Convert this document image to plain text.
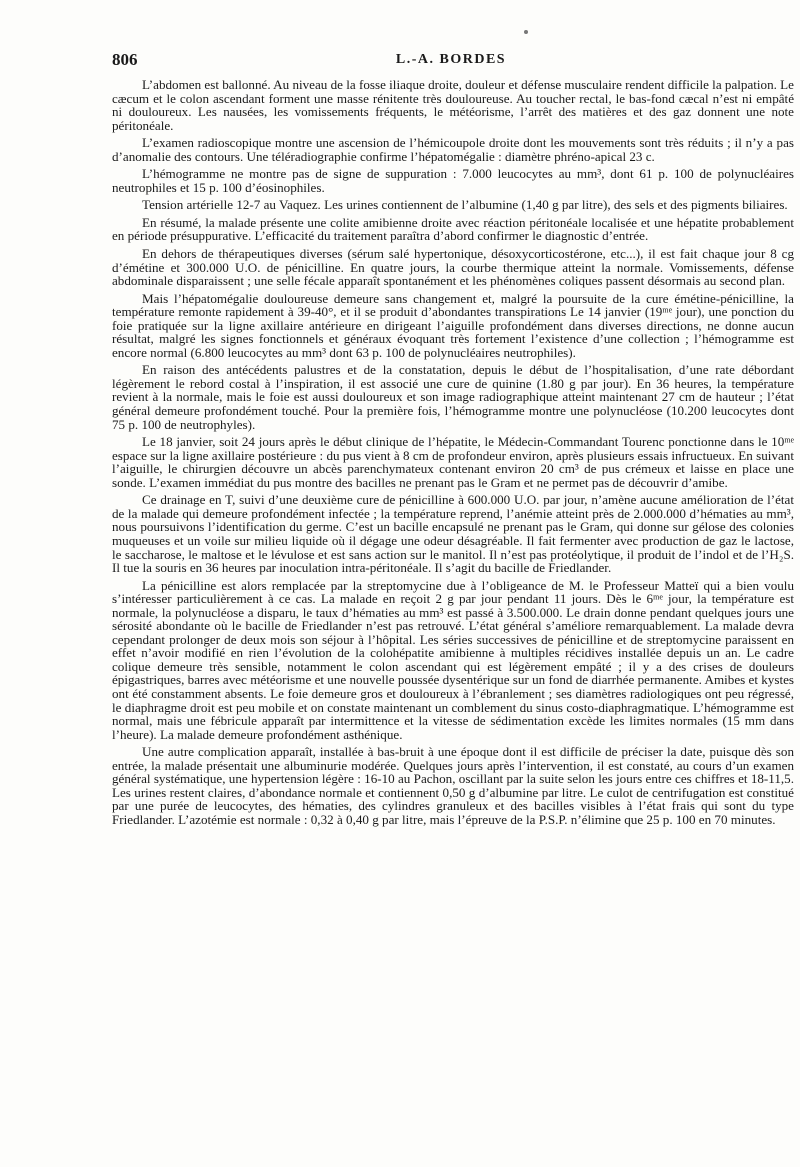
806	L.-A. BORDES

L’abdomen est ballonné. Au niveau de la fosse iliaque droite, douleur et défense musculaire rendent difficile la palpation. Le cæcum et le colon ascendant forment une masse rénitente très douloureuse. Au toucher rectal, le bas-fond cæcal n’est ni empâté ni douloureux. Les nausées, les vomissements fréquents, le météorisme, l’arrêt des matières et des gaz donnent une note péritonéale.

L’examen radioscopique montre une ascension de l’hémicoupole droite dont les mouvements sont très réduits ; il n’y a pas d’anomalie des contours. Une téléradiographie confirme l’hépatomégalie : diamètre phréno-apical 23 c.

L’hémogramme ne montre pas de signe de suppuration : 7.000 leucocytes au mm³, dont 61 p. 100 de polynucléaires neutrophiles et 15 p. 100 d’éosinophiles.

Tension artérielle 12-7 au Vaquez. Les urines contiennent de l’albumine (1,40 g par litre), des sels et des pigments biliaires.

En résumé, la malade présente une colite amibienne droite avec réaction péritonéale localisée et une hépatite probablement en période présuppurative. L’efficacité du traitement paraîtra d’abord confirmer le diagnostic d’entrée.

En dehors de thérapeutiques diverses (sérum salé hypertonique, désoxycorticostérone, etc...), il est fait chaque jour 8 cg d’émétine et 300.000 U.O. de pénicilline. En quatre jours, la courbe thermique atteint la normale. Vomissements, défense abdominale disparaissent ; une selle fécale apparaît spontanément et les phénomènes coliques passent désormais au second plan.

Mais l’hépatomégalie douloureuse demeure sans changement et, malgré la poursuite de la cure émétine-pénicilline, la température remonte rapidement à 39-40°, et il se produit d’abondantes transpirations Le 14 janvier (19ᵐᵉ jour), une ponction du foie pratiquée sur la ligne axillaire antérieure en dirigeant l’aiguille profondément dans diverses directions, ne donne aucun résultat, malgré les signes fonctionnels et généraux évoquant très fortement l’existence d’une collection ; l’hémogramme est encore normal (6.800 leucocytes au mm³ dont 63 p. 100 de polynucléaires neutrophiles).

En raison des antécédents palustres et de la constatation, depuis le début de l’hospitalisation, d’une rate débordant légèrement le rebord costal à l’inspiration, il est associé une cure de quinine (1.80 g par jour). En 36 heures, la température revient à la normale, mais le foie est aussi douloureux et son image radiographique atteint maintenant 27 cm de hauteur ; l’état général demeure profondément touché. Pour la première fois, l’hémogramme montre une polynucléose (10.200 leucocytes dont 75 p. 100 de neutrophyles).

Le 18 janvier, soit 24 jours après le début clinique de l’hépatite, le Médecin-Commandant Tourenc ponctionne dans le 10ᵐᵉ espace sur la ligne axillaire postérieure : du pus vient à 8 cm de profondeur environ, après plusieurs essais infructueux. En suivant l’aiguille, le chirurgien découvre un abcès parenchymateux contenant environ 20 cm³ de pus crémeux et laisse en place une sonde. L’examen immédiat du pus montre des bacilles ne prenant pas le Gram et ne permet pas de découvrir d’amibe.

Ce drainage en T, suivi d’une deuxième cure de pénicilline à 600.000 U.O. par jour, n’amène aucune amélioration de l’état de la malade qui demeure profondément infectée ; la température reprend, l’anémie atteint près de 2.000.000 d’hématies au mm³, nous poursuivons l’identification du germe. C’est un bacille encapsulé ne prenant pas le Gram, qui donne sur gélose des colonies muqueuses et un voile sur milieu liquide où il dégage une odeur désagréable. Il fait fermenter avec production de gaz le lactose, le saccharose, le maltose et le lévulose et est sans action sur le manitol. Il n’est pas protéolytique, il produit de l’indol et de l’H₂S. Il tue la souris en 36 heures par inoculation intra-péritonéale. Il s’agit du bacille de Friedlander.

La pénicilline est alors remplacée par la streptomycine due à l’obligeance de M. le Professeur Matteï qui a bien voulu s’intéresser particulièrement à ce cas. La malade en reçoit 2 g par jour pendant 11 jours. Dès le 6ᵐᵉ jour, la température est normale, la polynucléose a disparu, le taux d’hématies au mm³ est passé à 3.500.000. Le drain donne pendant quelques jours une sérosité abondante où le bacille de Friedlander n’est pas retrouvé. L’état général s’améliore remarquablement. La malade devra cependant prolonger de deux mois son séjour à l’hôpital. Les séries successives de pénicilline et de streptomycine paraissent en effet n’avoir modifié en rien l’évolution de la colohépatite amibienne à multiples récidives installée depuis un an. Le cadre colique demeure très sensible, notamment le colon ascendant qui est légèrement empâté ; il y a des crises de douleurs épigastriques, barres avec météorisme et une nouvelle poussée dysentérique sur un fond de diarrhée permanente. Amibes et kystes ont été constamment absents. Le foie demeure gros et douloureux à l’ébranlement ; ses diamètres radiologiques ont peu régressé, le diaphragme droit est peu mobile et on constate maintenant un comblement du sinus costo-diaphragmatique. L’hémogramme est normal, mais une fébricule apparaît par intermittence et la vitesse de sédimentation excède les limites normales (15 mm dans l’heure). La malade demeure profondément asthénique.

Une autre complication apparaît, installée à bas-bruit à une époque dont il est difficile de préciser la date, puisque dès son entrée, la malade présentait une albuminurie modérée. Quelques jours après l’intervention, il est constaté, au cours d’un examen général systématique, une hypertension légère : 16-10 au Pachon, oscillant par la suite selon les jours entre ces chiffres et 18-11,5. Les urines restent claires, d’abondance normale et contiennent 0,50 g d’albumine par litre. Le culot de centrifugation est constitué par une purée de leucocytes, des hématies, des cylindres granuleux et des bacilles visibles à l’état frais qui sont du type Friedlander. L’azotémie est normale : 0,32 à 0,40 g par litre, mais l’épreuve de la P.S.P. n’élimine que 25 p. 100 en 70 minutes.
